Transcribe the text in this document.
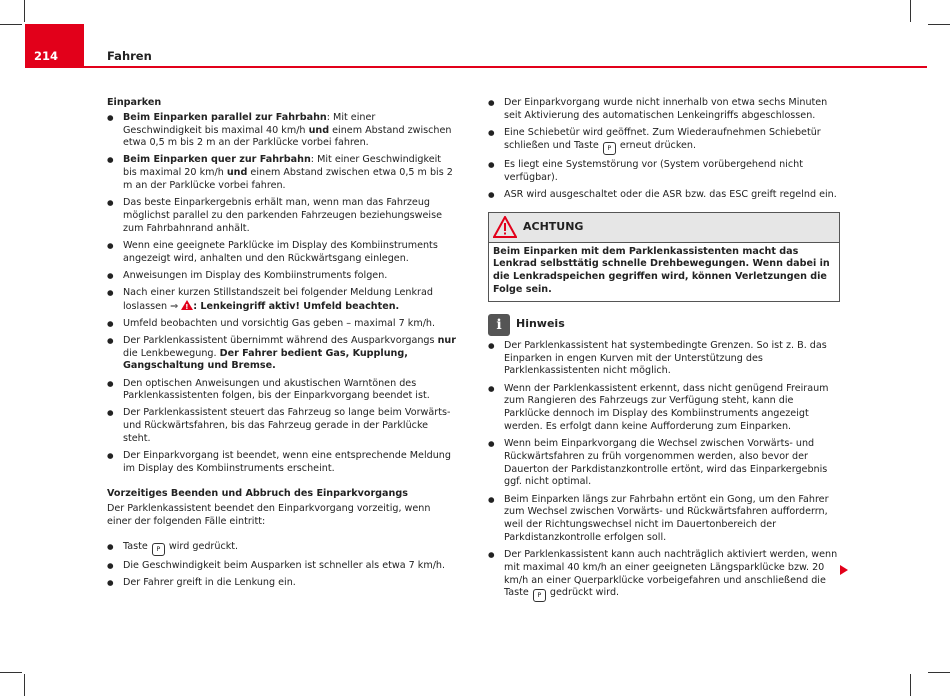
214	Fahren

Einparken

● Beim Einparken parallel zur Fahrbahn: Mit einer Geschwindigkeit bis maximal 40 km/h und einem Abstand zwischen etwa 0,5 m bis 2 m an der Parklücke vorbei fahren.

● Beim Einparken quer zur Fahrbahn: Mit einer Geschwindigkeit bis maximal 20 km/h und einem Abstand zwischen etwa 0,5 m bis 2 m an der Parklücke vorbei fahren.

● Das beste Einparkergebnis erhält man, wenn man das Fahrzeug möglichst parallel zu den parkenden Fahrzeugen beziehungsweise zum Fahrbahnrand anhält.

● Wenn eine geeignete Parklücke im Display des Kombiinstruments angezeigt wird, anhalten und den Rückwärtsgang einlegen.

● Anweisungen im Display des Kombiinstruments folgen.

● Nach einer kurzen Stillstandszeit bei folgender Meldung Lenkrad loslassen ⇒ !: Lenkeingriff aktiv! Umfeld beachten.

● Umfeld beobachten und vorsichtig Gas geben – maximal 7 km/h.

● Der Parklenkassistent übernimmt während des Ausparkvorgangs nur die Lenkbewegung. Der Fahrer bedient Gas, Kupplung, Gangschaltung und Bremse.

● Den optischen Anweisungen und akustischen Warntönen des Parklenkassistenten folgen, bis der Einparkvorgang beendet ist.

● Der Parklenkassistent steuert das Fahrzeug so lange beim Vorwärts- und Rückwärtsfahren, bis das Fahrzeug gerade in der Parklücke steht.

● Der Einparkvorgang ist beendet, wenn eine entsprechende Meldung im Display des Kombiinstruments erscheint.

Vorzeitiges Beenden und Abbruch des Einparkvorgangs

Der Parklenkassistent beendet den Einparkvorgang vorzeitig, wenn einer der folgenden Fälle eintritt:

● Taste P wird gedrückt.

● Die Geschwindigkeit beim Ausparken ist schneller als etwa 7 km/h.

● Der Fahrer greift in die Lenkung ein.

● Der Einparkvorgang wurde nicht innerhalb von etwa sechs Minuten seit Aktivierung des automatischen Lenkeingriffs abgeschlossen.

● Eine Schiebetür wird geöffnet. Zum Wiederaufnehmen Schiebetür schließen und Taste P erneut drücken.

● Es liegt eine Systemstörung vor (System vorübergehend nicht verfügbar).

● ASR wird ausgeschaltet oder die ASR bzw. das ESC greift regelnd ein.

ACHTUNG
Beim Einparken mit dem Parklenkassistenten macht das Lenkrad selbsttätig schnelle Drehbewegungen. Wenn dabei in die Lenkradspeichen gegriffen wird, können Verletzungen die Folge sein.
i	Hinweis

● Der Parklenkassistent hat systembedingte Grenzen. So ist z. B. das Einparken in engen Kurven mit der Unterstützung des Parklenkassistenten nicht möglich.

● Wenn der Parklenkassistent erkennt, dass nicht genügend Freiraum zum Rangieren des Fahrzeugs zur Verfügung steht, kann die Parklücke dennoch im Display des Kombiinstruments angezeigt werden. Es erfolgt dann keine Aufforderung zum Einparken.

● Wenn beim Einparkvorgang die Wechsel zwischen Vorwärts- und Rückwärtsfahren zu früh vorgenommen werden, also bevor der Dauerton der Parkdistanzkontrolle ertönt, wird das Einparkergebnis ggf. nicht optimal.

● Beim Einparken längs zur Fahrbahn ertönt ein Gong, um den Fahrer zum Wechsel zwischen Vorwärts- und Rückwärtsfahren aufforderrn, weil der Richtungswechsel nicht im Dauertonbereich der Parkdistanzkontrolle erfolgen soll.

● Der Parklenkassistent kann auch nachträglich aktiviert werden, wenn mit maximal 40 km/h an einer geeigneten Längsparklücke bzw. 20 km/h an einer Querparklücke vorbeigefahren und anschließend die Taste P gedrückt wird.
